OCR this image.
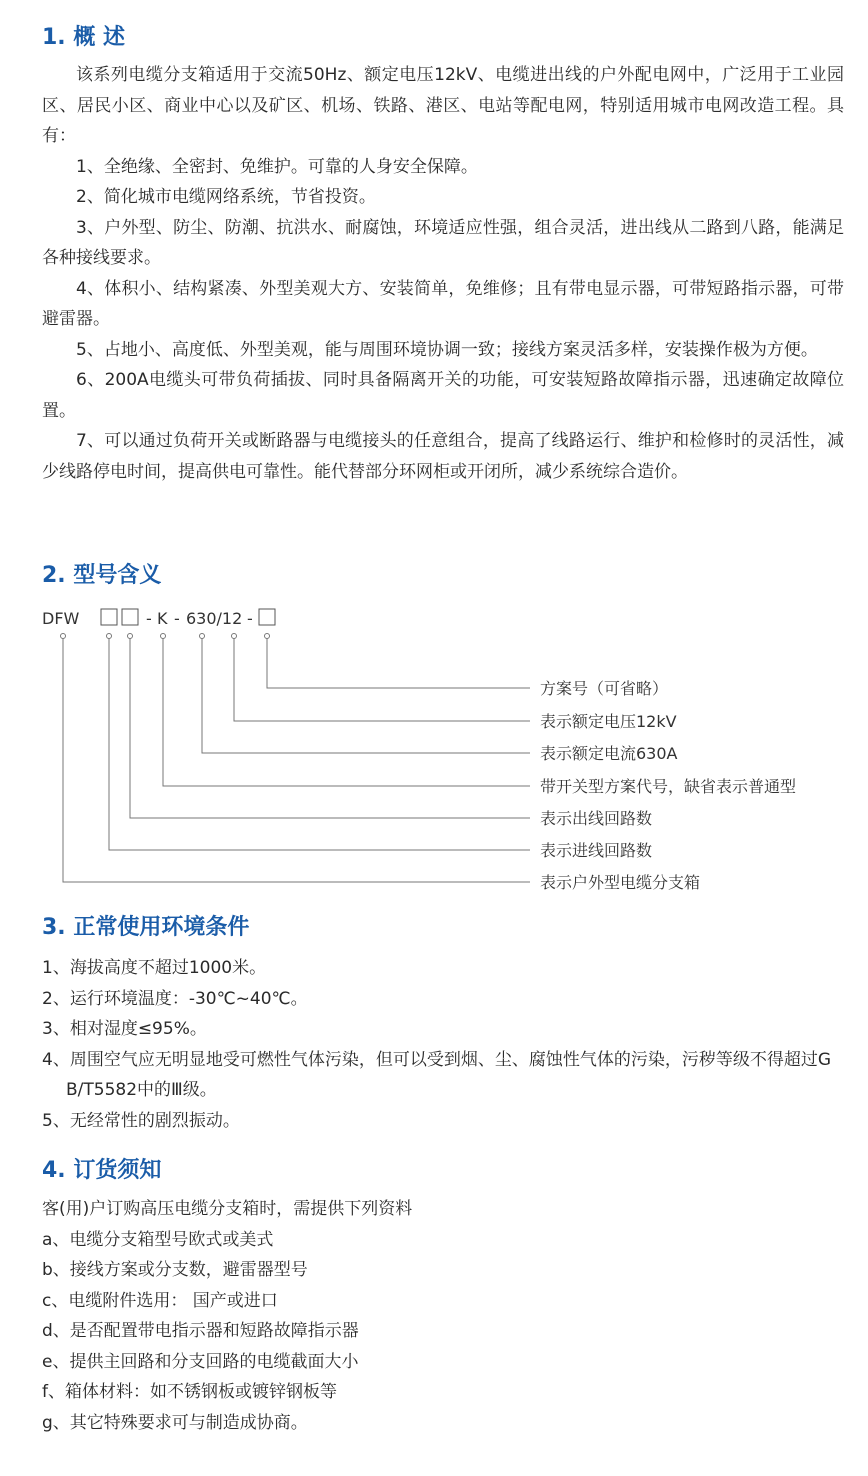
1. 概 述

该系列电缆分支箱适用于交流50Hz、额定电压12kV、电缆进出线的户外配电网中，广泛用于工业园区、居民小区、商业中心以及矿区、机场、铁路、港区、电站等配电网，特别适用城市电网改造工程。具有：

1、全绝缘、全密封、免维护。可靠的人身安全保障。

2、简化城市电缆网络系统，节省投资。

3、户外型、防尘、防潮、抗洪水、耐腐蚀，环境适应性强，组合灵活，进出线从二路到八路，能满足各种接线要求。

4、体积小、结构紧凑、外型美观大方、安装简单，免维修；且有带电显示器，可带短路指示器，可带避雷器。

5、占地小、高度低、外型美观，能与周围环境协调一致；接线方案灵活多样，安装操作极为方便。

6、200A电缆头可带负荷插拔、同时具备隔离开关的功能，可安装短路故障指示器，迅速确定故障位置。

7、可以通过负荷开关或断路器与电缆接头的任意组合，提高了线路运行、维护和检修时的灵活性，减少线路停电时间，提高供电可靠性。能代替部分环网柜或开闭所，减少系统综合造价。

2. 型号含义
DFW	- K - 630/12 -
方案号（可省略）
表示额定电压12kV
表示额定电流630A
带开关型方案代号，缺省表示普通型
表示出线回路数
表示进线回路数
表示户外型电缆分支箱
3. 正常使用环境条件

1、海拔高度不超过1000米。

2、运行环境温度：-30℃~40℃。

3、相对湿度≤95%。

4、周围空气应无明显地受可燃性气体污染，但可以受到烟、尘、腐蚀性气体的污染，污秽等级不得超过GB/T5582中的Ⅲ级。

5、无经常性的剧烈振动。

4. 订货须知

客(用)户订购高压电缆分支箱时，需提供下列资料

a、电缆分支箱型号欧式或美式

b、接线方案或分支数，避雷器型号

c、电缆附件选用： 国产或进口

d、是否配置带电指示器和短路故障指示器

e、提供主回路和分支回路的电缆截面大小

f、箱体材料：如不锈钢板或镀锌钢板等

g、其它特殊要求可与制造成协商。
